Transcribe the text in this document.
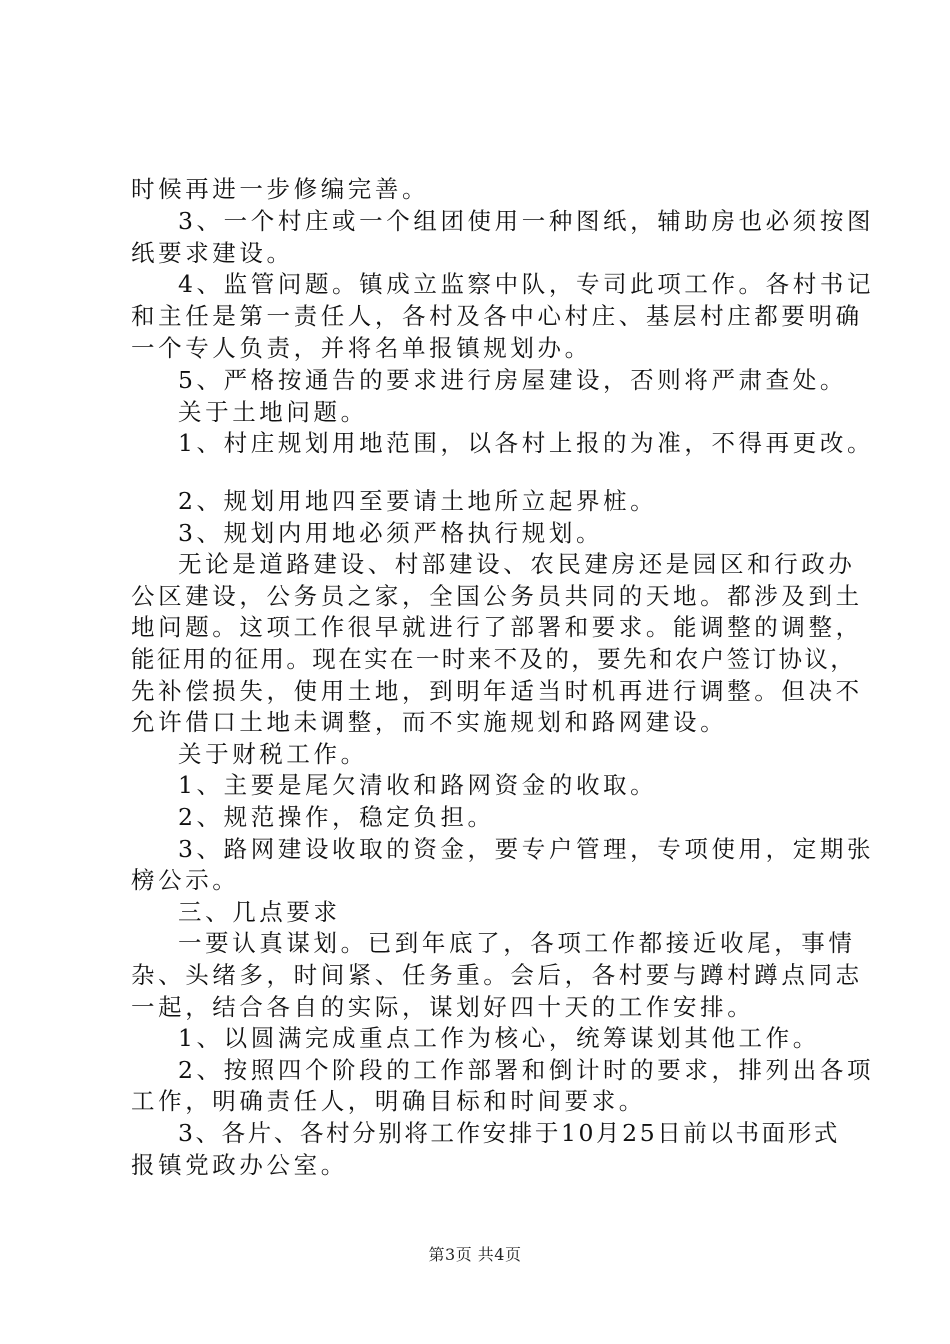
时候再进一步修编完善。
3、一个村庄或一个组团使用一种图纸，辅助房也必须按图
纸要求建设。
4、监管问题。镇成立监察中队，专司此项工作。各村书记
和主任是第一责任人，各村及各中心村庄、基层村庄都要明确
一个专人负责，并将名单报镇规划办。
5、严格按通告的要求进行房屋建设，否则将严肃查处。
关于土地问题。
1、村庄规划用地范围，以各村上报的为准，不得再更改。
2、规划用地四至要请土地所立起界桩。
3、规划内用地必须严格执行规划。
无论是道路建设、村部建设、农民建房还是园区和行政办
公区建设，公务员之家，全国公务员共同的天地。都涉及到土
地问题。这项工作很早就进行了部署和要求。能调整的调整，
能征用的征用。现在实在一时来不及的，要先和农户签订协议，
先补偿损失，使用土地，到明年适当时机再进行调整。但决不
允许借口土地未调整，而不实施规划和路网建设。
关于财税工作。
1、主要是尾欠清收和路网资金的收取。
2、规范操作，稳定负担。
3、路网建设收取的资金，要专户管理，专项使用，定期张
榜公示。
三、几点要求
一要认真谋划。已到年底了，各项工作都接近收尾，事情
杂、头绪多，时间紧、任务重。会后，各村要与蹲村蹲点同志
一起，结合各自的实际，谋划好四十天的工作安排。
1、以圆满完成重点工作为核心，统筹谋划其他工作。
2、按照四个阶段的工作部署和倒计时的要求，排列出各项
工作，明确责任人，明确目标和时间要求。
3、各片、各村分别将工作安排于10月25日前以书面形式
报镇党政办公室。
第3页 共4页
